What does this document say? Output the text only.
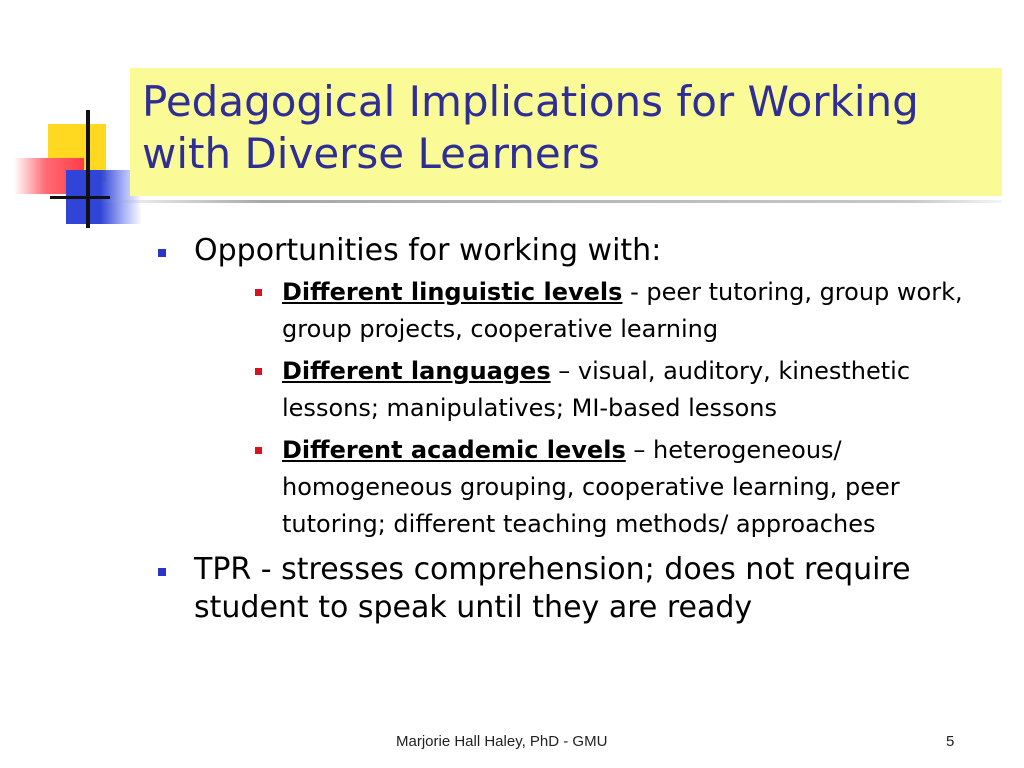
Pedagogical Implications for Working with Diverse Learners
Opportunities for working with:
Different linguistic levels - peer tutoring, group work, group projects, cooperative learning
Different languages – visual, auditory, kinesthetic lessons; manipulatives; MI-based lessons
Different academic levels – heterogeneous/ homogeneous grouping, cooperative learning, peer tutoring; different teaching methods/ approaches
TPR - stresses comprehension; does not require student to speak until they are ready
Marjorie Hall Haley, PhD - GMU	5
